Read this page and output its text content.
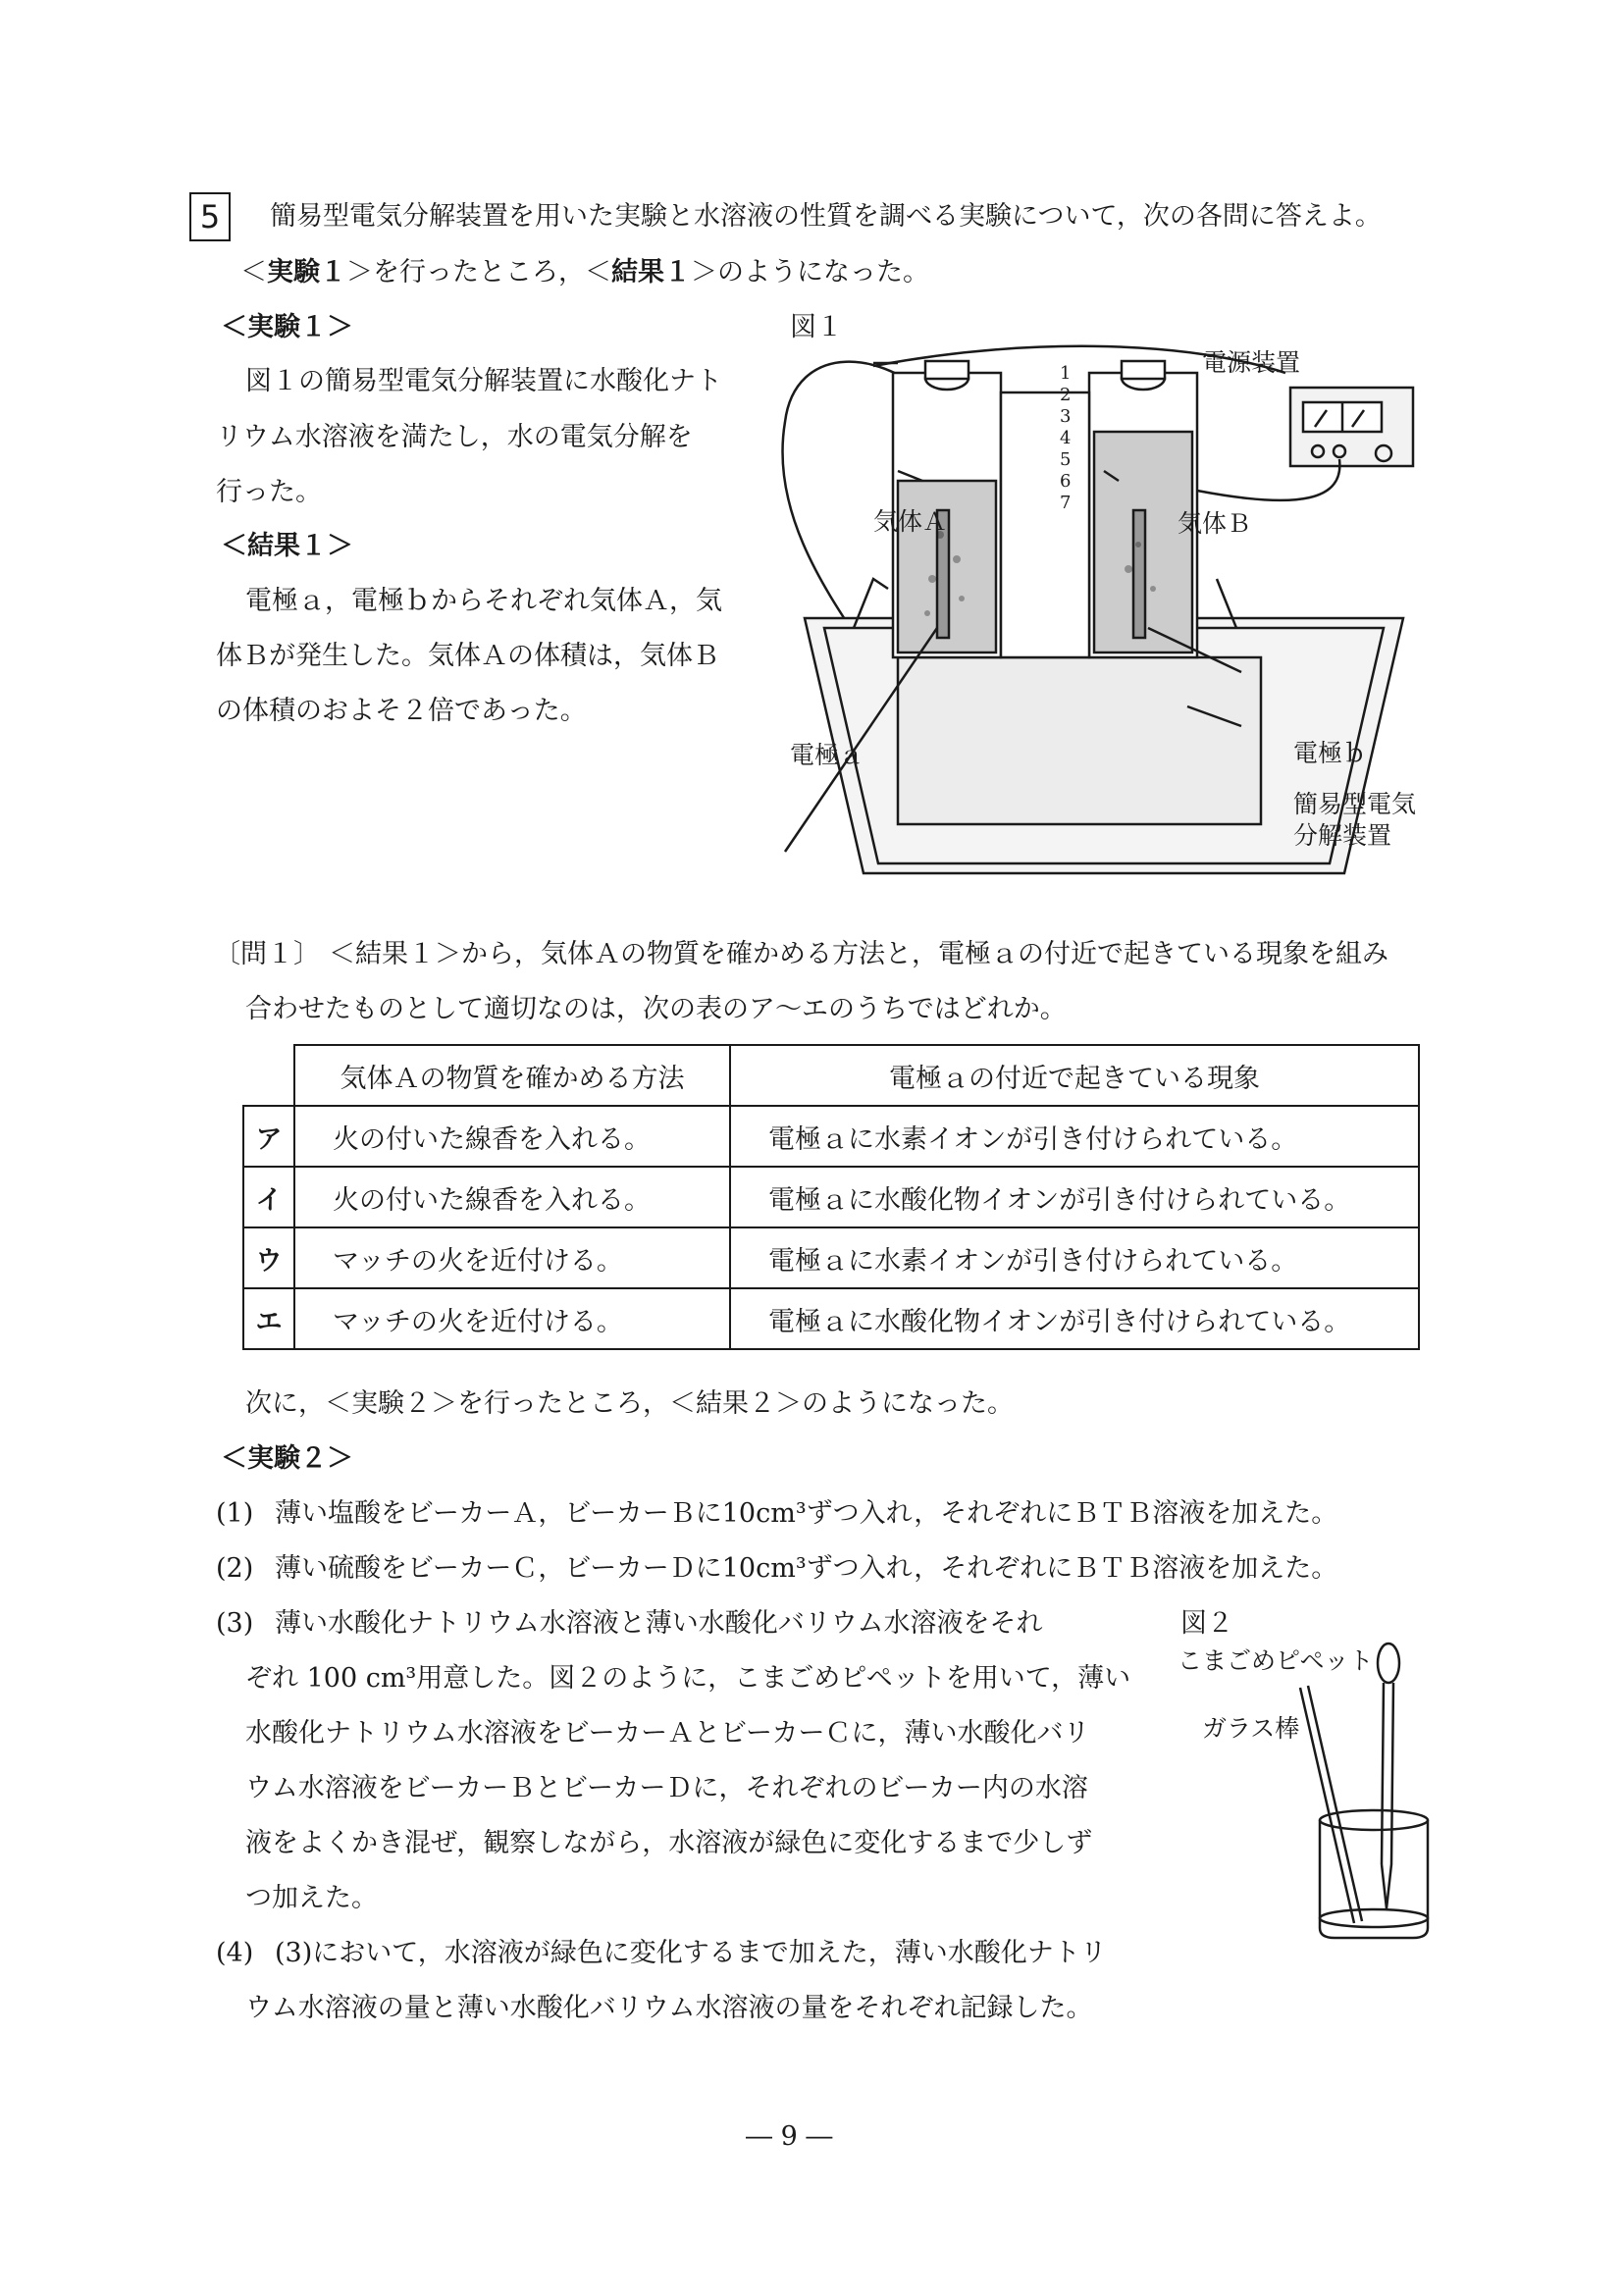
5 簡易型電気分解装置を用いた実験と水溶液の性質を調べる実験について，次の各問に答えよ。
＜実験１＞を行ったところ，＜結果１＞のようになった。
＜実験１＞
図１の簡易型電気分解装置に水酸化ナト
リウム水溶液を満たし，水の電気分解を
行った。
＜結果１＞
電極ａ，電極ｂからそれぞれ気体Ａ，気
体Ｂが発生した。気体Ａの体積は，気体Ｂ
の体積のおよそ２倍であった。
図１
1
2
3
4
5
6
7
電源装置
気体Ａ	気体Ｂ
電極ａ	電極ｂ
簡易型電気
分解装置
〔問１〕 ＜結果１＞から，気体Ａの物質を確かめる方法と，電極ａの付近で起きている現象を組み
合わせたものとして適切なのは，次の表のア～エのうちではどれか。
	気体Ａの物質を確かめる方法	電極ａの付近で起きている現象
ア	火の付いた線香を入れる。	電極ａに水素イオンが引き付けられている。
イ	火の付いた線香を入れる。	電極ａに水酸化物イオンが引き付けられている。
ウ	マッチの火を近付ける。	電極ａに水素イオンが引き付けられている。
エ	マッチの火を近付ける。	電極ａに水酸化物イオンが引き付けられている。
次に，＜実験２＞を行ったところ，＜結果２＞のようになった。
＜実験２＞
(1) 薄い塩酸をビーカーＡ，ビーカーＢに10cm³ずつ入れ，それぞれにＢＴＢ溶液を加えた。
(2) 薄い硫酸をビーカーＣ，ビーカーＤに10cm³ずつ入れ，それぞれにＢＴＢ溶液を加えた。
(3) 薄い水酸化ナトリウム水溶液と薄い水酸化バリウム水溶液をそれ
ぞれ 100 cm³用意した。図２のように，こまごめピペットを用いて，薄い
水酸化ナトリウム水溶液をビーカーＡとビーカーＣに，薄い水酸化バリ
ウム水溶液をビーカーＢとビーカーＤに，それぞれのビーカー内の水溶
液をよくかき混ぜ，観察しながら，水溶液が緑色に変化するまで少しず
つ加えた。
(4) (3)において，水溶液が緑色に変化するまで加えた，薄い水酸化ナトリ
ウム水溶液の量と薄い水酸化バリウム水溶液の量をそれぞれ記録した。
図２
こまごめピペット
ガラス棒
― 9 ―
